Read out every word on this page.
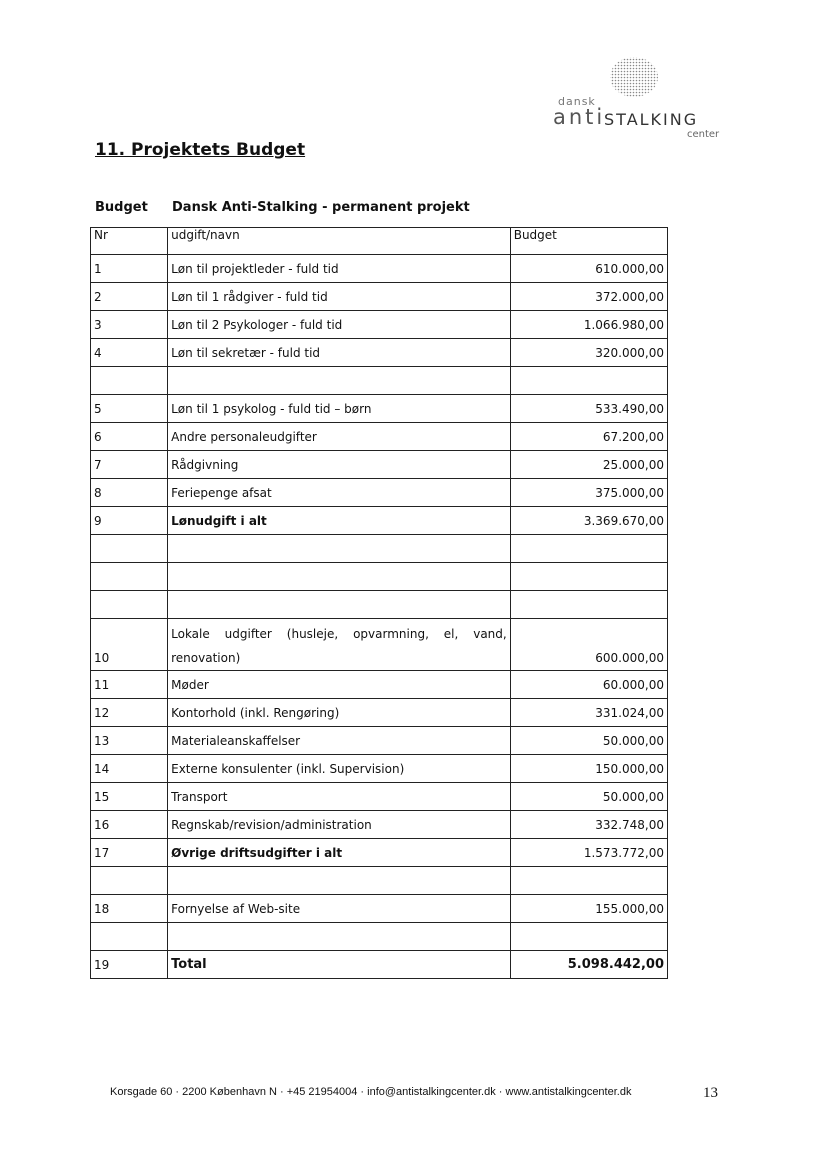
dansk
anti
STALKING
center
11. Projektets Budget
Budget Dansk Anti-Stalking - permanent projekt
Nr	udgift/navn	Budget
1	Løn til projektleder - fuld tid	610.000,00
2	Løn til 1 rådgiver - fuld tid	372.000,00
3	Løn til 2 Psykologer - fuld tid	1.066.980,00
4	Løn til sekretær - fuld tid	320.000,00

5	Løn til 1 psykolog - fuld tid – børn	533.490,00
6	Andre personaleudgifter	67.200,00
7	Rådgivning	25.000,00
8	Feriepenge afsat	375.000,00
9	Lønudgift i alt	3.369.670,00

10	Lokale udgifter (husleje, opvarmning, el, vand,
renovation)	600.000,00
11	Møder	60.000,00
12	Kontorhold (inkl. Rengøring)	331.024,00
13	Materialeanskaffelser	50.000,00
14	Externe konsulenter (inkl. Supervision)	150.000,00
15	Transport	50.000,00
16	Regnskab/revision/administration	332.748,00
17	Øvrige driftsudgifter i alt	1.573.772,00

18	Fornyelse af Web-site	155.000,00

19	Total	5.098.442,00
Korsgade 60 · 2200 København N · +45 21954004 · info@antistalkingcenter.dk · www.antistalkingcenter.dk	13
